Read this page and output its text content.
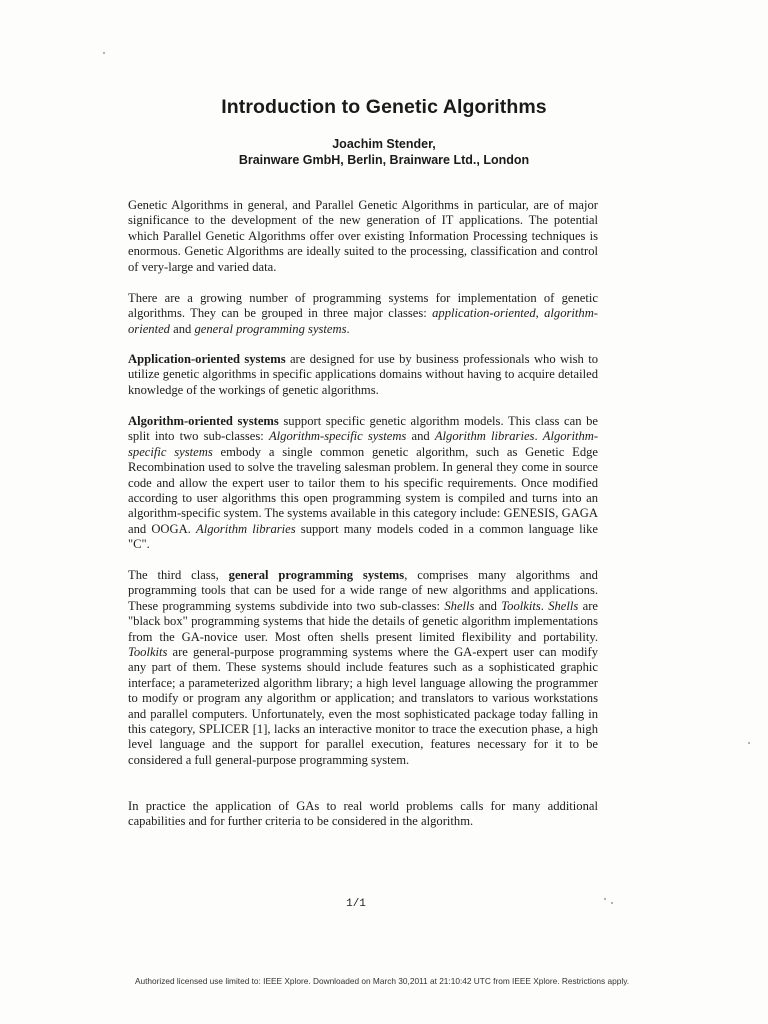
Introduction to Genetic Algorithms
Joachim Stender,
Brainware GmbH, Berlin, Brainware Ltd., London

Genetic Algorithms in general, and Parallel Genetic Algorithms in particular, are of major significance to the development of the new generation of IT applications. The potential which Parallel Genetic Algorithms offer over existing Information Processing techniques is enormous. Genetic Algorithms are ideally suited to the processing, classification and control of very-large and varied data.

There are a growing number of programming systems for implementation of genetic algorithms. They can be grouped in three major classes: application-oriented, algorithm-oriented and general programming systems.

Application-oriented systems are designed for use by business professionals who wish to utilize genetic algorithms in specific applications domains without having to acquire detailed knowledge of the workings of genetic algorithms.

Algorithm-oriented systems support specific genetic algorithm models. This class can be split into two sub-classes: Algorithm-specific systems and Algorithm libraries. Algorithm-specific systems embody a single common genetic algorithm, such as Genetic Edge Recombination used to solve the traveling salesman problem. In general they come in source code and allow the expert user to tailor them to his specific requirements. Once modified according to user algorithms this open programming system is compiled and turns into an algorithm-specific system. The systems available in this category include: GENESIS, GAGA and OOGA. Algorithm libraries support many models coded in a common language like "C".

The third class, general programming systems, comprises many algorithms and programming tools that can be used for a wide range of new algorithms and applications. These programming systems subdivide into two sub-classes: Shells and Toolkits. Shells are "black box" programming systems that hide the details of genetic algorithm implementations from the GA-novice user. Most often shells present limited flexibility and portability. Toolkits are general-purpose programming systems where the GA-expert user can modify any part of them. These systems should include features such as a sophisticated graphic interface; a parameterized algorithm library; a high level language allowing the programmer to modify or program any algorithm or application; and translators to various workstations and parallel computers. Unfortunately, even the most sophisticated package today falling in this category, SPLICER [1], lacks an interactive monitor to trace the execution phase, a high level language and the support for parallel execution, features necessary for it to be considered a full general-purpose programming system.

In practice the application of GAs to real world problems calls for many additional capabilities and for further criteria to be considered in the algorithm.

1/1
Authorized licensed use limited to: IEEE Xplore. Downloaded on March 30,2011 at 21:10:42 UTC from IEEE Xplore. Restrictions apply.
